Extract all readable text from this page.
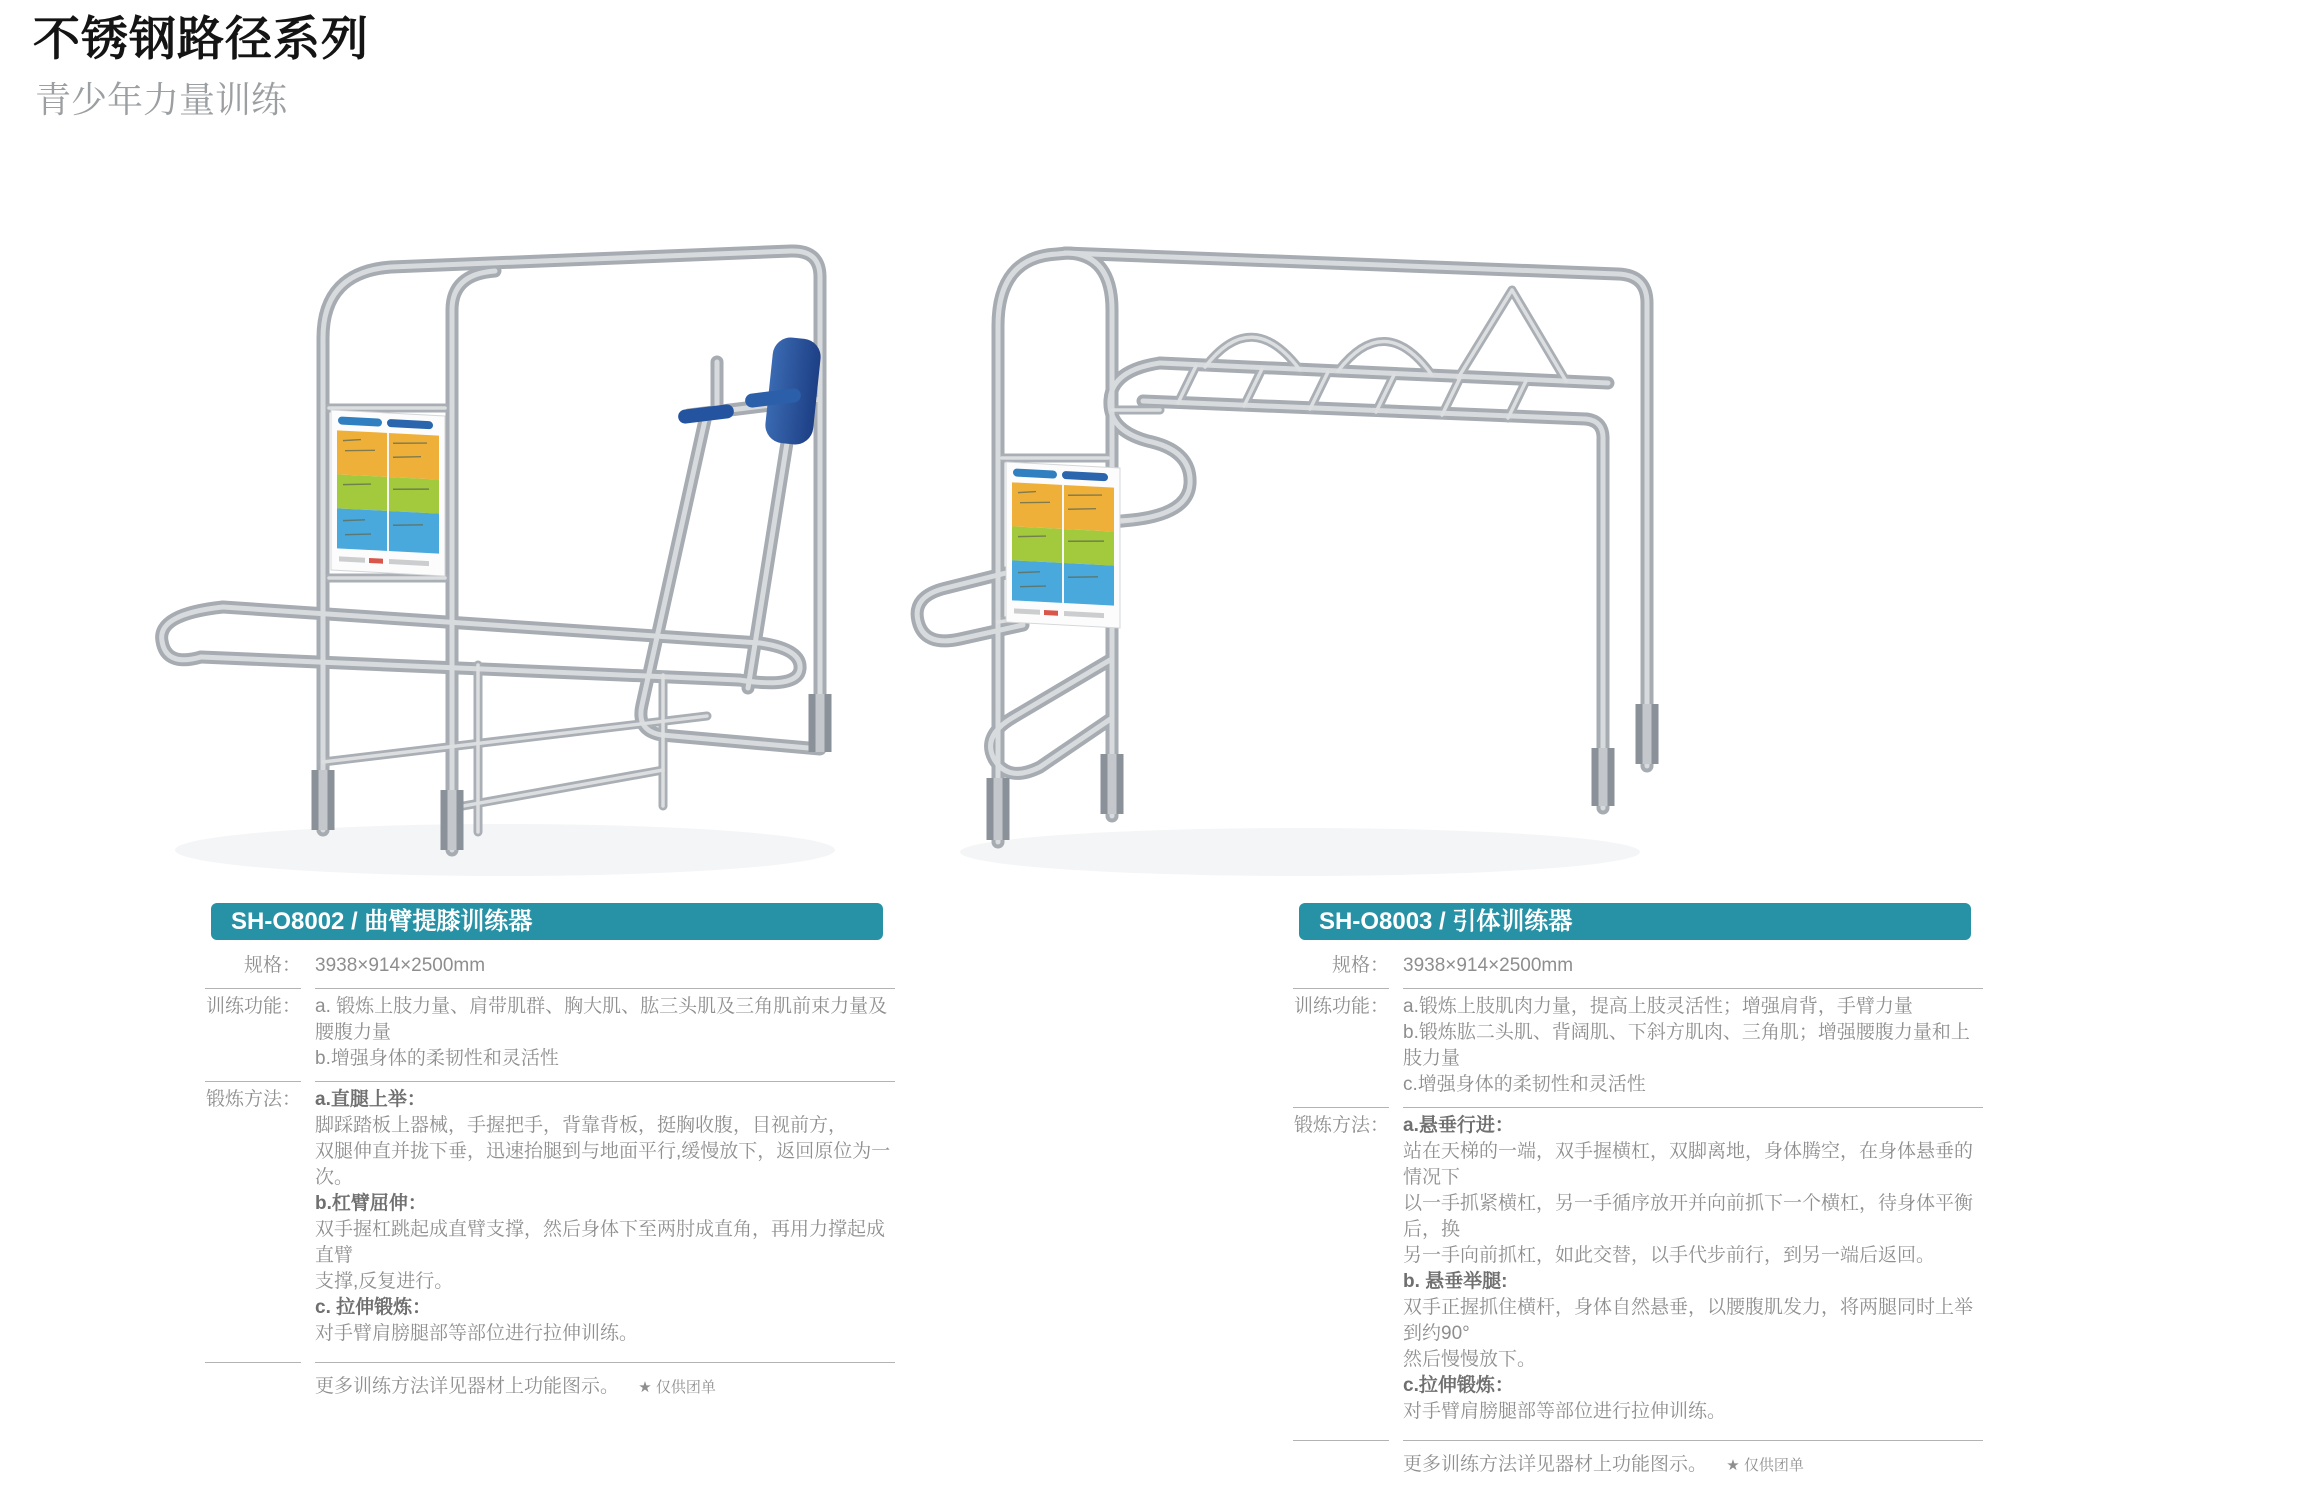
不锈钢路径系列
青少年力量训练
SH-O8002 / 曲臂提膝训练器
规格： 3938×914×2500mm
训练功能： a. 锻炼上肢力量、肩带肌群、胸大肌、肱三头肌及三角肌前束力量及腰腹力量
b.增强身体的柔韧性和灵活性
锻炼方法： a.直腿上举：
脚踩踏板上器械，手握把手，背靠背板，挺胸收腹，目视前方，
双腿伸直并拢下垂，迅速抬腿到与地面平行,缓慢放下，返回原位为一次。
b.杠臂屈伸：
双手握杠跳起成直臂支撑，然后身体下至两肘成直角，再用力撑起成直臂
支撑,反复进行。
c. 拉伸锻炼：
对手臂肩膀腿部等部位进行拉伸训练。
更多训练方法详见器材上功能图示。 ★ 仅供团单
SH-O8003 / 引体训练器
规格： 3938×914×2500mm
训练功能： a.锻炼上肢肌肉力量，提高上肢灵活性；增强肩背，手臂力量
b.锻炼肱二头肌、背阔肌、下斜方肌肉、三角肌；增强腰腹力量和上肢力量
c.增强身体的柔韧性和灵活性
锻炼方法： a.悬垂行进：
站在天梯的一端，双手握横杠，双脚离地，身体腾空，在身体悬垂的情况下
以一手抓紧横杠，另一手循序放开并向前抓下一个横杠，待身体平衡后，换
另一手向前抓杠，如此交替，以手代步前行，到另一端后返回。
b. 悬垂举腿:
双手正握抓住横杆，身体自然悬垂，以腰腹肌发力，将两腿同时上举到约90°
然后慢慢放下。
c.拉伸锻炼：
对手臂肩膀腿部等部位进行拉伸训练。
更多训练方法详见器材上功能图示。 ★ 仅供团单
